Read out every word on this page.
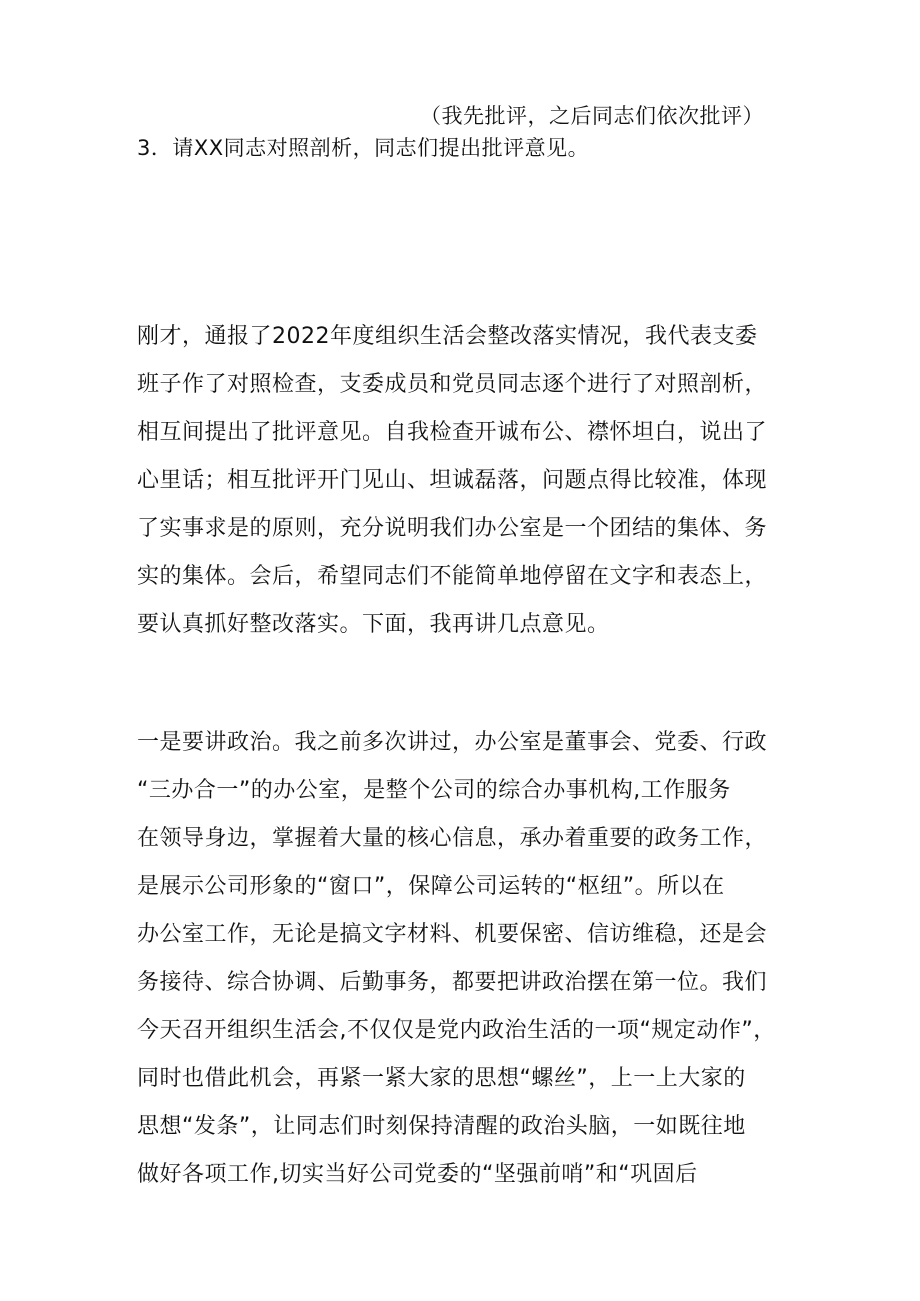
（我先批评，之后同志们依次批评）

3．请XX同志对照剖析，同志们提出批评意见。

刚才，通报了2022年度组织生活会整改落实情况，我代表支委

班子作了对照检查，支委成员和党员同志逐个进行了对照剖析，

相互间提出了批评意见。自我检查开诚布公、襟怀坦白，说出了

心里话；相互批评开门见山、坦诚磊落，问题点得比较准，体现

了实事求是的原则，充分说明我们办公室是一个团结的集体、务

实的集体。会后，希望同志们不能简单地停留在文字和表态上，

要认真抓好整改落实。下面，我再讲几点意见。

一是要讲政治。我之前多次讲过，办公室是董事会、党委、行政

“三办合一”的办公室，是整个公司的综合办事机构,工作服务

在领导身边，掌握着大量的核心信息，承办着重要的政务工作，

是展示公司形象的“窗口”，保障公司运转的“枢纽”。所以在

办公室工作，无论是搞文字材料、机要保密、信访维稳，还是会

务接待、综合协调、后勤事务，都要把讲政治摆在第一位。我们

今天召开组织生活会,不仅仅是党内政治生活的一项“规定动作”，

同时也借此机会，再紧一紧大家的思想“螺丝”，上一上大家的

思想“发条”，让同志们时刻保持清醒的政治头脑，一如既往地

做好各项工作,切实当好公司党委的“坚强前哨”和“巩固后
